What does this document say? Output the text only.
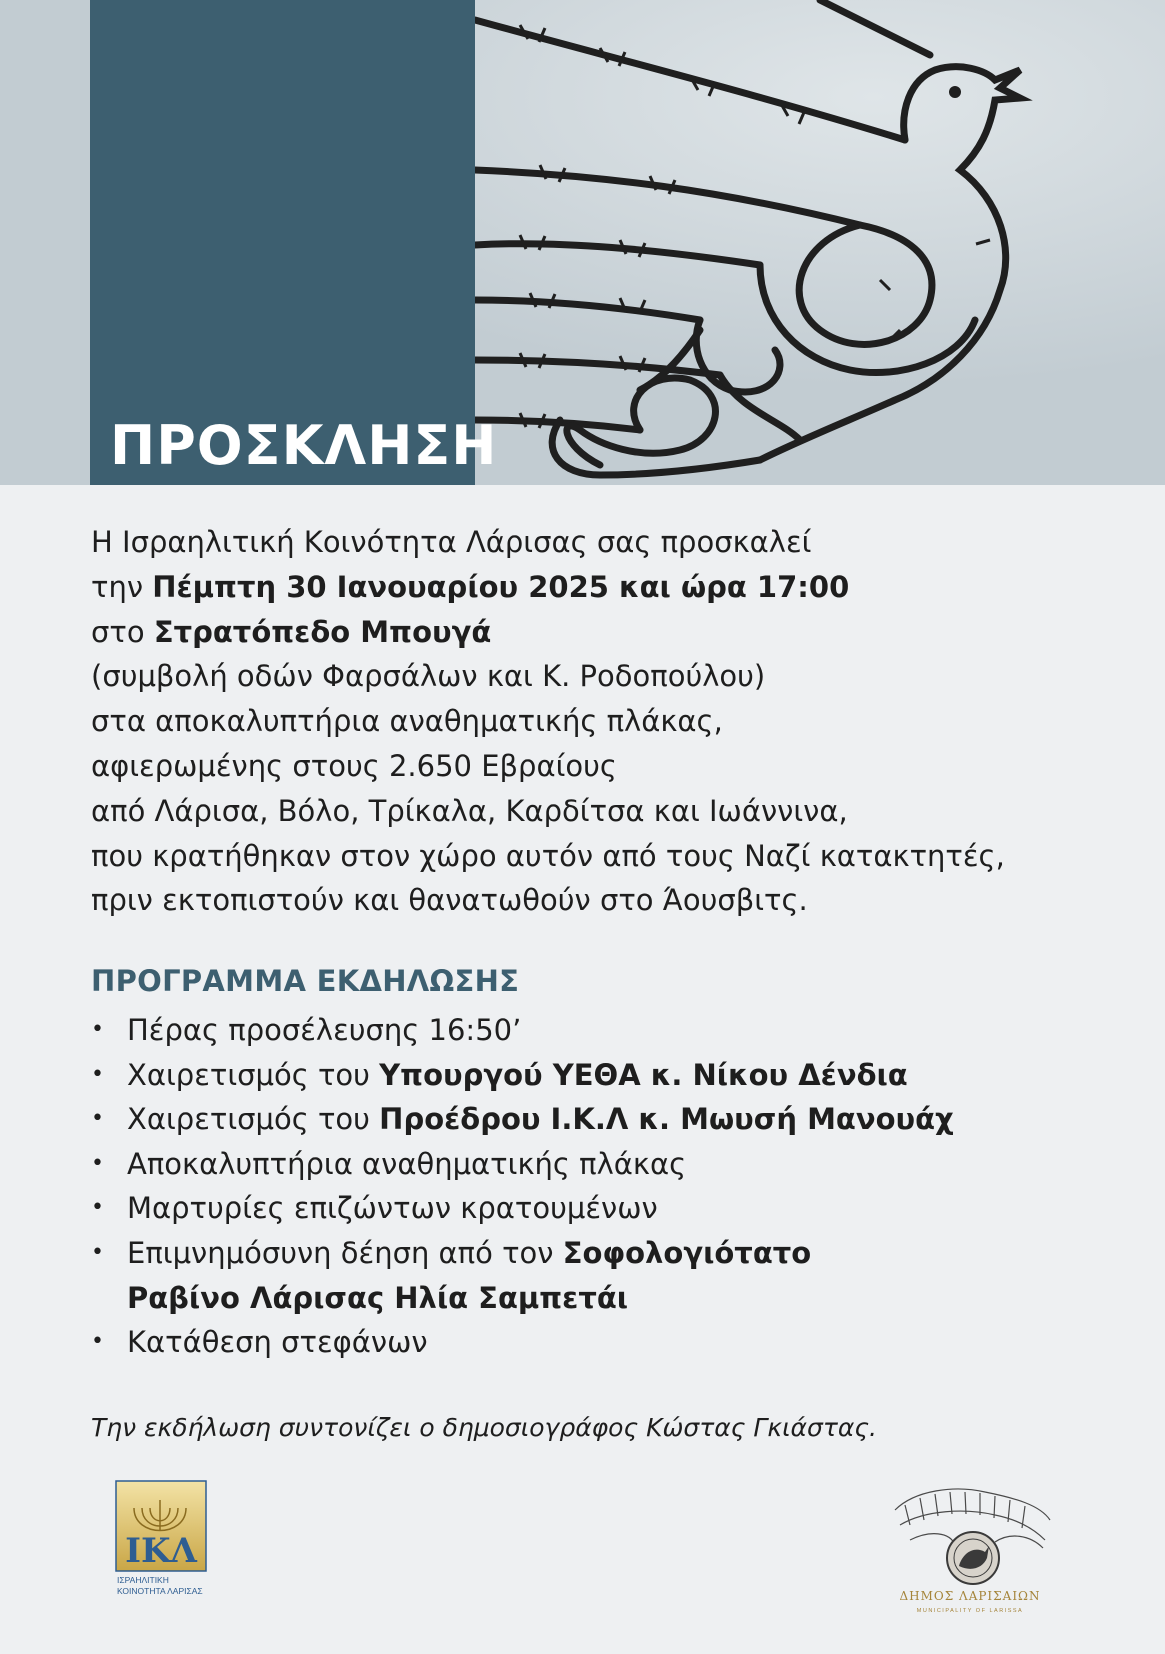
ΠΡΟΣΚΛΗΣΗ

Η Ισραηλιτική Κοινότητα Λάρισας σας προσκαλεί

την Πέμπτη 30 Ιανουαρίου 2025 και ώρα 17:00

στο Στρατόπεδο Μπουγά

(συμβολή οδών Φαρσάλων και Κ. Ροδοπούλου)

στα αποκαλυπτήρια αναθηματικής πλάκας,

αφιερωμένης στους 2.650 Εβραίους

από Λάρισα, Βόλο, Τρίκαλα, Καρδίτσα και Ιωάννινα,

που κρατήθηκαν στον χώρο αυτόν από τους Ναζί κατακτητές,

πριν εκτοπιστούν και θανατωθούν στο Άουσβιτς.

ΠΡΟΓΡΑΜΜΑ ΕΚΔΗΛΩΣΗΣ
• Πέρας προσέλευσης 16:50’
• Χαιρετισμός του Υπουργού ΥΕΘΑ κ. Νίκου Δένδια
• Χαιρετισμός του Προέδρου Ι.Κ.Λ κ. Μωυσή Μανουάχ
• Αποκαλυπτήρια αναθηματικής πλάκας
• Μαρτυρίες επιζώντων κρατουμένων
• Επιμνημόσυνη δέηση από τον Σοφολογιότατο
Ραβίνο Λάρισας Ηλία Σαμπετάι
• Κατάθεση στεφάνων
Την εκδήλωση συντονίζει ο δημοσιογράφος Κώστας Γκιάστας.
ΙΚΛ
ΙΣΡΑΗΛΙΤΙΚΗ
ΚΟΙΝΟΤΗΤΑ ΛΑΡΙΣΑΣ	ΔΗΜΟΣ ΛΑΡΙΣΑΙΩΝ
MUNICIPALITY OF LARISSA
